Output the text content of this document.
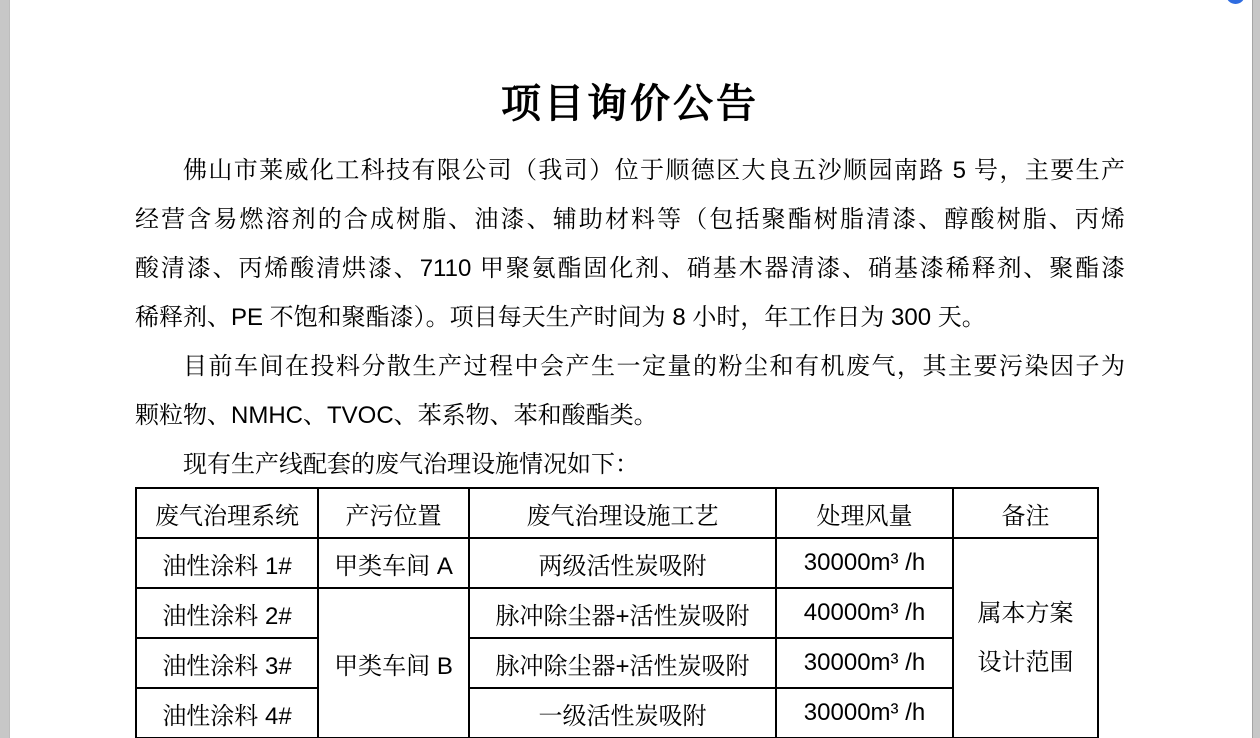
项目询价公告
佛山市莱威化工科技有限公司（我司）位于顺德区大良五沙顺园南路 5 号，主要生产
经营含易燃溶剂的合成树脂、油漆、辅助材料等（包括聚酯树脂清漆、醇酸树脂、丙烯
酸清漆、丙烯酸清烘漆、7110 甲聚氨酯固化剂、硝基木器清漆、硝基漆稀释剂、聚酯漆
稀释剂、PE 不饱和聚酯漆）。项目每天生产时间为 8 小时，年工作日为 300 天。
目前车间在投料分散生产过程中会产生一定量的粉尘和有机废气，其主要污染因子为
颗粒物、NMHC、TVOC、苯系物、苯和酸酯类。
现有生产线配套的废气治理设施情况如下：
废气治理系统	产污位置	废气治理设施工艺	处理风量	备注
油性涂料 1#	甲类车间 A	两级活性炭吸附	30000m³ /h	属本方案
设计范围

油性涂料 2#	甲类车间 B	脉冲除尘器+活性炭吸附	40000m³ /h	
油性涂料 3#		脉冲除尘器+活性炭吸附	30000m³ /h	
油性涂料 4#		一级活性炭吸附	30000m³ /h	
